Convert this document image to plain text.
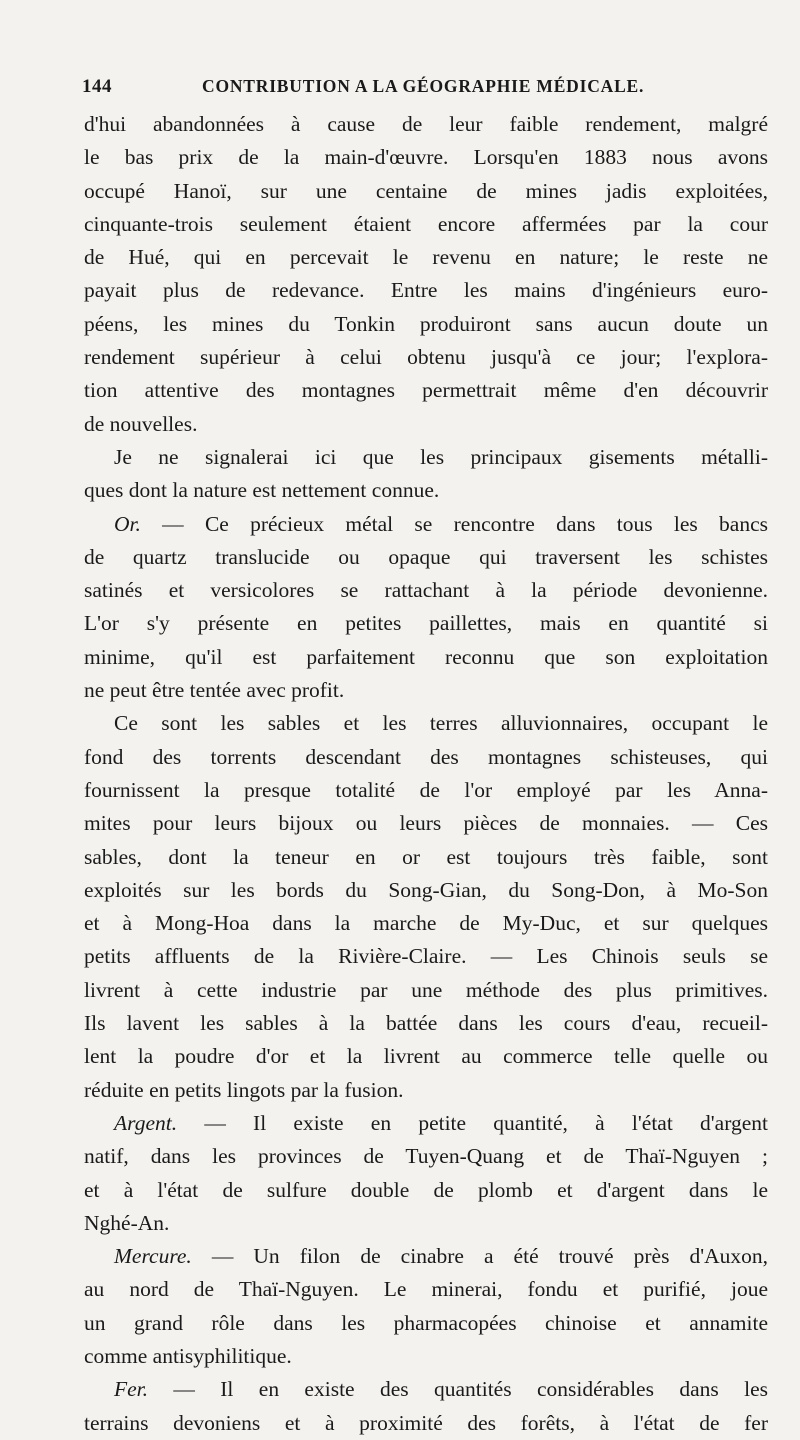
144	CONTRIBUTION A LA GÉOGRAPHIE MÉDICALE.
d'hui abandonnées à cause de leur faible rendement, malgré
le bas prix de la main-d'œuvre. Lorsqu'en 1883 nous avons
occupé Hanoï, sur une centaine de mines jadis exploitées,
cinquante-trois seulement étaient encore affermées par la cour
de Hué, qui en percevait le revenu en nature; le reste ne
payait plus de redevance. Entre les mains d'ingénieurs euro-
péens, les mines du Tonkin produiront sans aucun doute un
rendement supérieur à celui obtenu jusqu'à ce jour; l'explora-
tion attentive des montagnes permettrait même d'en découvrir
de nouvelles.
Je ne signalerai ici que les principaux gisements métalli-
ques dont la nature est nettement connue.
Or. — Ce précieux métal se rencontre dans tous les bancs
de quartz translucide ou opaque qui traversent les schistes
satinés et versicolores se rattachant à la période devonienne.
L'or s'y présente en petites paillettes, mais en quantité si
minime, qu'il est parfaitement reconnu que son exploitation
ne peut être tentée avec profit.
Ce sont les sables et les terres alluvionnaires, occupant le
fond des torrents descendant des montagnes schisteuses, qui
fournissent la presque totalité de l'or employé par les Anna-
mites pour leurs bijoux ou leurs pièces de monnaies. — Ces
sables, dont la teneur en or est toujours très faible, sont
exploités sur les bords du Song-Gian, du Song-Don, à Mo-Son
et à Mong-Hoa dans la marche de My-Duc, et sur quelques
petits affluents de la Rivière-Claire. — Les Chinois seuls se
livrent à cette industrie par une méthode des plus primitives.
Ils lavent les sables à la battée dans les cours d'eau, recueil-
lent la poudre d'or et la livrent au commerce telle quelle ou
réduite en petits lingots par la fusion.
Argent. — Il existe en petite quantité, à l'état d'argent
natif, dans les provinces de Tuyen-Quang et de Thaï-Nguyen ;
et à l'état de sulfure double de plomb et d'argent dans le
Nghé-An.
Mercure. — Un filon de cinabre a été trouvé près d'Auxon,
au nord de Thaï-Nguyen. Le minerai, fondu et purifié, joue
un grand rôle dans les pharmacopées chinoise et annamite
comme antisyphilitique.
Fer. — Il en existe des quantités considérables dans les
terrains devoniens et à proximité des forêts, à l'état de fer
